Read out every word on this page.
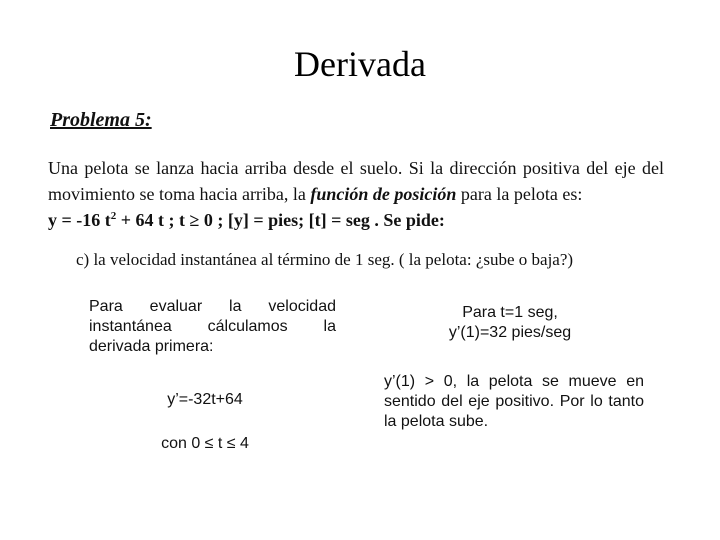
Derivada
Problema 5:
Una pelota se lanza hacia arriba desde el suelo. Si la dirección positiva del eje del
movimiento se toma hacia arriba, la función de posición para la pelota es:
y = -16 $t^2 + 64$ t ; t ≥ 0 ; [y] = pies; [t] = seg . Se pide:
c) la velocidad instantánea al término de 1 seg. ( la pelota: ¿sube o baja?)
Para evaluar la velocidad instantánea cálculamos la derivada primera:
y’=-32t+64
con 0 ≤ t ≤ 4
Para t=1 seg,
y’(1)=32 pies/seg
y’(1) > 0, la pelota se mueve en sentido del eje positivo. Por lo tanto la pelota sube.
